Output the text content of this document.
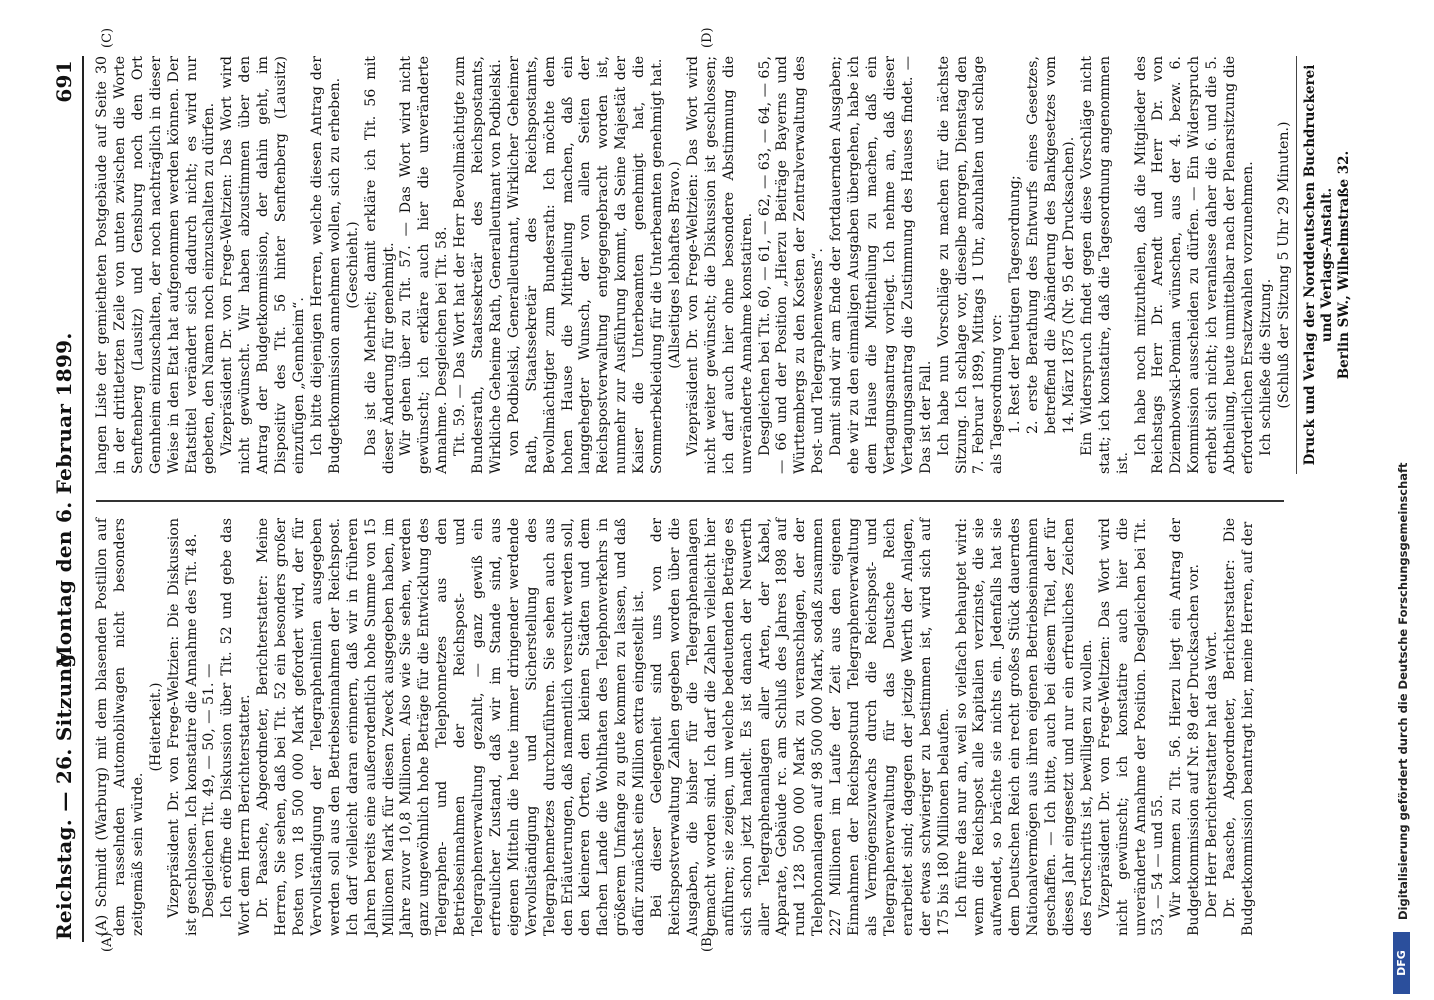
Reichstag. — 26. Sitzung.
Montag den 6. Februar 1899.
691
(A)	(B)
(C)	(D)

(A) Schmidt (Warburg) mit dem blasenden Postillon auf dem rasselnden Automobilwagen nicht besonders zeitgemäß sein würde.

(Heiterkeit.) Vizepräsident Dr. von Frege-Weltzien: Die Diskussion ist geschlossen. Ich konstatire die Annahme des Tit. 48. Desgleichen Tit. 49, — 50, — 51. — Ich eröffne die Diskussion über Tit. 52 und gebe das Wort dem Herrn Berichterstatter. Dr. Paasche, Abgeordneter, Berichterstatter: Meine Herren, Sie sehen, daß bei Tit. 52 ein besonders großer Posten von 18 500 000 Mark gefordert wird, der für Vervollständigung der Telegraphenlinien ausgegeben werden soll aus den Betriebseinnahmen der Reichspost. Ich darf vielleicht daran erinnern, daß wir in früheren Jahren bereits eine außerordentlich hohe Summe von 15 Millionen Mark für diesen Zweck ausgegeben haben, im Jahre zuvor 10,8 Millionen. Also wie Sie sehen, werden ganz ungewöhnlich hohe Beträge für die Entwicklung des Telegraphen- und Telephonnetzes aus den Betriebseinnahmen der Reichspost- und Telegraphenverwaltung gezahlt, — ganz gewiß ein erfreulicher Zustand, daß wir im Stande sind, aus eigenen Mitteln die heute immer dringender werdende Vervollständigung und Sicherstellung des Telegraphennetzes durchzuführen. Sie sehen auch aus den Erläuterungen, daß namentlich versucht werden soll, den kleineren Orten, den kleinen Städten und dem flachen Lande die Wohlthaten des Telephonverkehrs in größerem Umfange zu gute kommen zu lassen, und daß dafür zunächst eine Million extra eingestellt ist. Bei dieser Gelegenheit sind uns von der Reichspostverwaltung Zahlen gegeben worden über die Ausgaben, die bisher für die Telegraphenanlagen gemacht worden sind. Ich darf die Zahlen vielleicht hier anführen; sie zeigen, um welche bedeutenden Beträge es sich schon jetzt handelt. Es ist danach der Neuwerth aller Telegraphenanlagen aller Arten, der Kabel, Apparate, Gebäude rc. am Schluß des Jahres 1898 auf rund 128 500 000 Mark zu veranschlagen, der der Telephonanlagen auf 98 500 000 Mark, sodaß zusammen 227 Millionen im Laufe der Zeit aus den eigenen Einnahmen der Reichspostund Telegraphenverwaltung als Vermögenszuwachs durch die Reichspost- und Telegraphenverwaltung für das Deutsche Reich erarbeitet sind; dagegen der jetzige Werth der Anlagen, der etwas schwieriger zu bestimmen ist, wird sich auf 175 bis 180 Millionen belaufen. Ich führe das nur an, weil so vielfach behauptet wird: wenn die Reichspost alle Kapitalien verzinste, die sie aufwendet, so brächte sie nichts ein. Jedenfalls hat sie dem Deutschen Reich ein recht großes Stück dauerndes Nationalvermögen aus ihren eigenen Betriebseinnahmen geschaffen. — Ich bitte, auch bei diesem Titel, der für dieses Jahr eingesetzt und nur ein erfreuliches Zeichen des Fortschritts ist, bewilligen zu wollen. Vizepräsident Dr. von Frege-Weltzien: Das Wort wird nicht gewünscht; ich konstatire auch hier die unveränderte Annahme der Position. Desgleichen bei Tit. 53, — 54 — und 55. Wir kommen zu Tit. 56. Hierzu liegt ein Antrag der Budgetkommission auf Nr. 89 der Drucksachen vor. Der Herr Berichterstatter hat das Wort. Dr. Paasche, Abgeordneter, Berichterstatter: Die Budgetkommission beantragt hier, meine Herren, auf der

langen Liste der gemietheten Postgebäude auf Seite 30 in der drittletzten Zeile von unten zwischen die Worte Senftenberg (Lausitz) und Gensburg noch den Ort Gennheim einzuschalten, der noch nachträglich in dieser Weise in den Etat hat aufgenommen werden können. Der Etatstitel verändert sich dadurch nicht; es wird nur gebeten, den Namen noch einzuschalten zu dürfen. Vizepräsident Dr. von Frege-Weltzien: Das Wort wird nicht gewünscht. Wir haben abzustimmen über den Antrag der Budgetkommission, der dahin geht, im Dispositiv des Tit. 56 hinter Senftenberg (Lausitz) einzufügen „Gennheim“. Ich bitte diejenigen Herren, welche diesen Antrag der Budgetkommission annehmen wollen, sich zu erheben. (Geschieht.) Das ist die Mehrheit; damit erkläre ich Tit. 56 mit dieser Änderung für genehmigt. Wir gehen über zu Tit. 57. — Das Wort wird nicht gewünscht; ich erkläre auch hier die unveränderte Annahme. Desgleichen bei Tit. 58. Tit. 59. — Das Wort hat der Herr Bevollmächtigte zum Bundesrath, Staatssekretär des Reichspostamts, Wirkliche Geheime Rath, Generalleutnant von Podbielski. von Podbielski, Generalleutnant, Wirklicher Geheimer Rath, Staatssekretär des Reichspostamts, Bevollmächtigter zum Bundesrath: Ich möchte dem hohen Hause die Mittheilung machen, daß ein langgehegter Wunsch, der von allen Seiten der Reichspostverwaltung entgegengebracht worden ist, nunmehr zur Ausführung kommt, da Seine Majestät der Kaiser die Unterbeamten genehmigt hat, die Sommerbekleidung für die Unterbeamten genehmigt hat. (Allseitiges lebhaftes Bravo.) Vizepräsident Dr. von Frege-Weltzien: Das Wort wird nicht weiter gewünscht; die Diskussion ist geschlossen; ich darf auch hier ohne besondere Abstimmung die unveränderte Annahme konstatiren. Desgleichen bei Tit. 60, — 61, — 62, — 63, — 64, — 65, — 66 und der Position „Hierzu Beiträge Bayerns und Württembergs zu den Kosten der Zentralverwaltung des Post- und Telegraphenwesens“. Damit sind wir am Ende der fortdauernden Ausgaben; ehe wir zu den einmaligen Ausgaben übergehen, habe ich dem Hause die Mittheilung zu machen, daß ein Vertagungsantrag vorliegt. Ich nehme an, daß dieser Vertagungsantrag die Zustimmung des Hauses findet. — Das ist der Fall. Ich habe nun Vorschläge zu machen für die nächste Sitzung. Ich schlage vor, dieselbe morgen, Dienstag den 7. Februar 1899, Mittags 1 Uhr, abzuhalten und schlage als Tagesordnung vor: 1. Rest der heutigen Tagesordnung; 2. erste Berathung des Entwurfs eines Gesetzes, betreffend die Abänderung des Bankgesetzes vom 14. März 1875 (Nr. 95 der Drucksachen). Ein Widerspruch findet gegen diese Vorschläge nicht statt; ich konstatire, daß die Tagesordnung angenommen ist.

Ich habe noch mitzutheilen, daß die Mitglieder des Reichstags Herr Dr. Arendt und Herr Dr. von Dziembowski-Pomian wünschen, aus der 4. bezw. 6. Kommission ausscheiden zu dürfen. — Ein Widerspruch erhebt sich nicht; ich veranlasse daher die 6. und die 5. Abtheilung, heute unmittelbar nach der Plenarsitzung die erforderlichen Ersatzwahlen vorzunehmen. Ich schließe die Sitzung. (Schluß der Sitzung 5 Uhr 29 Minuten.) Druck und Verlag der Norddeutschen Buchdruckerei und Verlags-Anstalt. Berlin SW., Wilhelmstraße 32.
DFG
Digitalisierung gefördert durch die Deutsche Forschungsgemeinschaft
